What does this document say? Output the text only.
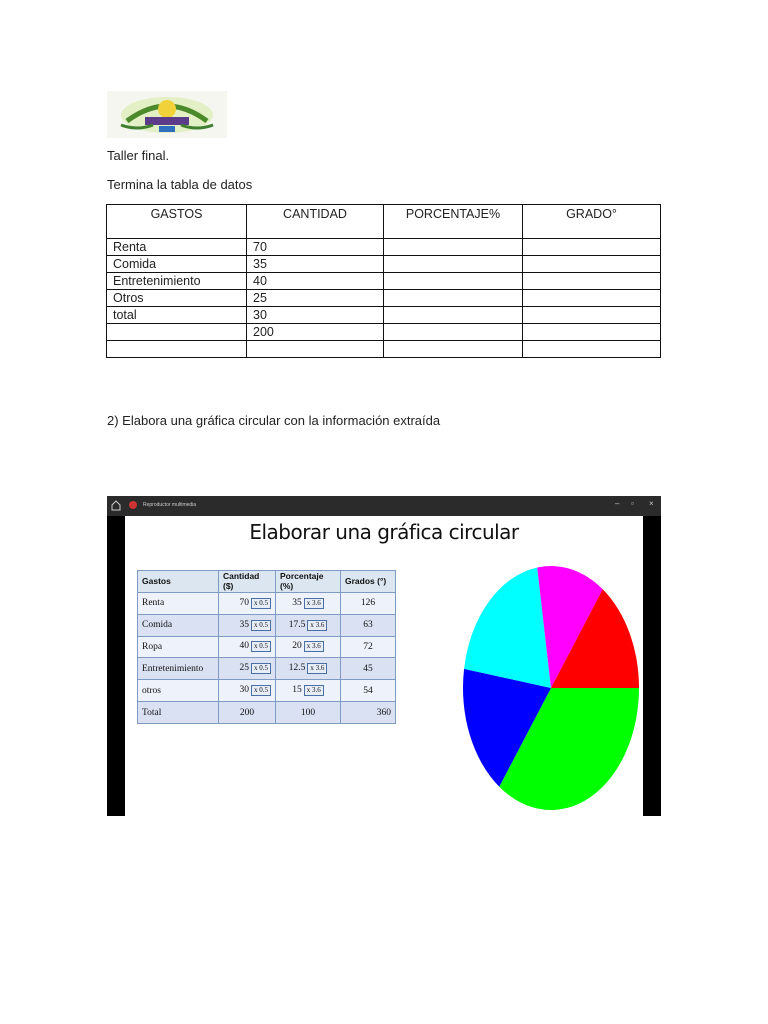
Taller final.
Termina la tabla de datos
GASTOS	CANTIDAD	PORCENTAJE%	GRADO°
Renta	70		
Comida	35		
Entretenimiento	40		
Otros	25		
total	30		
	200		

2) Elabora una gráfica circular con la información extraída
Reproductor multimedia	– ▫ ×
Elaborar una gráfica circular
Gastos	Cantidad ($)	Porcentaje (%)	Grados (°)
Renta	70 x 0.5	35 x 3.6	126
Comida	35 x 0.5	17.5 x 3.6	63
Ropa	40 x 0.5	20 x 3.6	72
Entretenimiento	25 x 0.5	12.5 x 3.6	45
otros	30 x 0.5	15 x 3.6	54
Total	200	100	360
